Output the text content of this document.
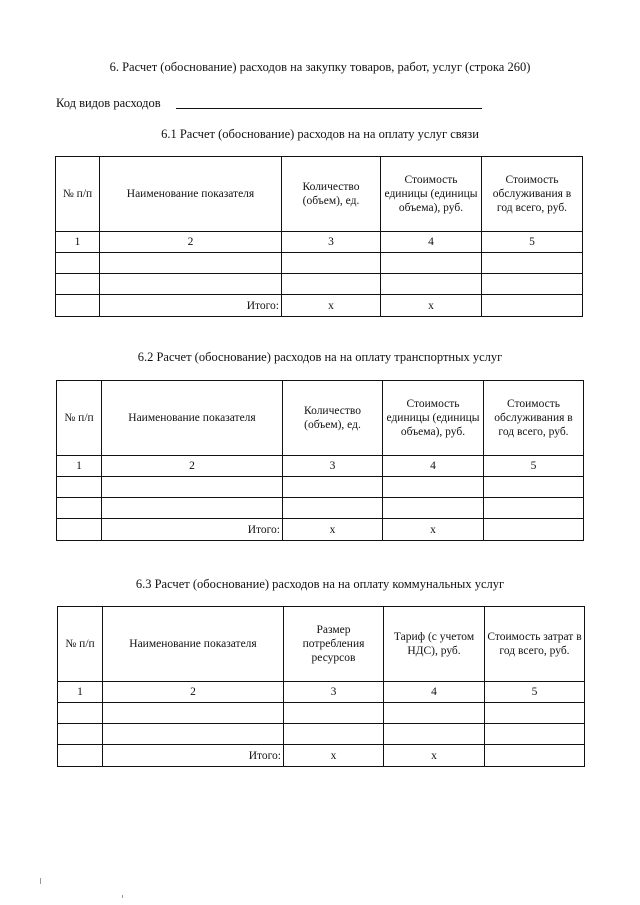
6. Расчет (обоснование) расходов на закупку товаров, работ, услуг (строка 260)
Код видов расходов
6.1 Расчет (обоснование) расходов на на оплату услуг связи
№ п/п	Наименование показателя	Количество (объем), ед.	Стоимость единицы (единицы объема), руб.	Стоимость обслуживания в год всего, руб.
1	2	3	4	5

	Итого:	х	х	
6.2 Расчет (обоснование) расходов на на оплату транспортных услуг
№ п/п	Наименование показателя	Количество (объем), ед.	Стоимость единицы (единицы объема), руб.	Стоимость обслуживания в год всего, руб.
1	2	3	4	5

	Итого:	х	х	
6.3 Расчет (обоснование) расходов на на оплату коммунальных услуг
№ п/п	Наименование показателя	Размер потребления ресурсов	Тариф (с учетом НДС), руб.	Стоимость затрат в год всего, руб.
1	2	3	4	5

	Итого:	х	х	
